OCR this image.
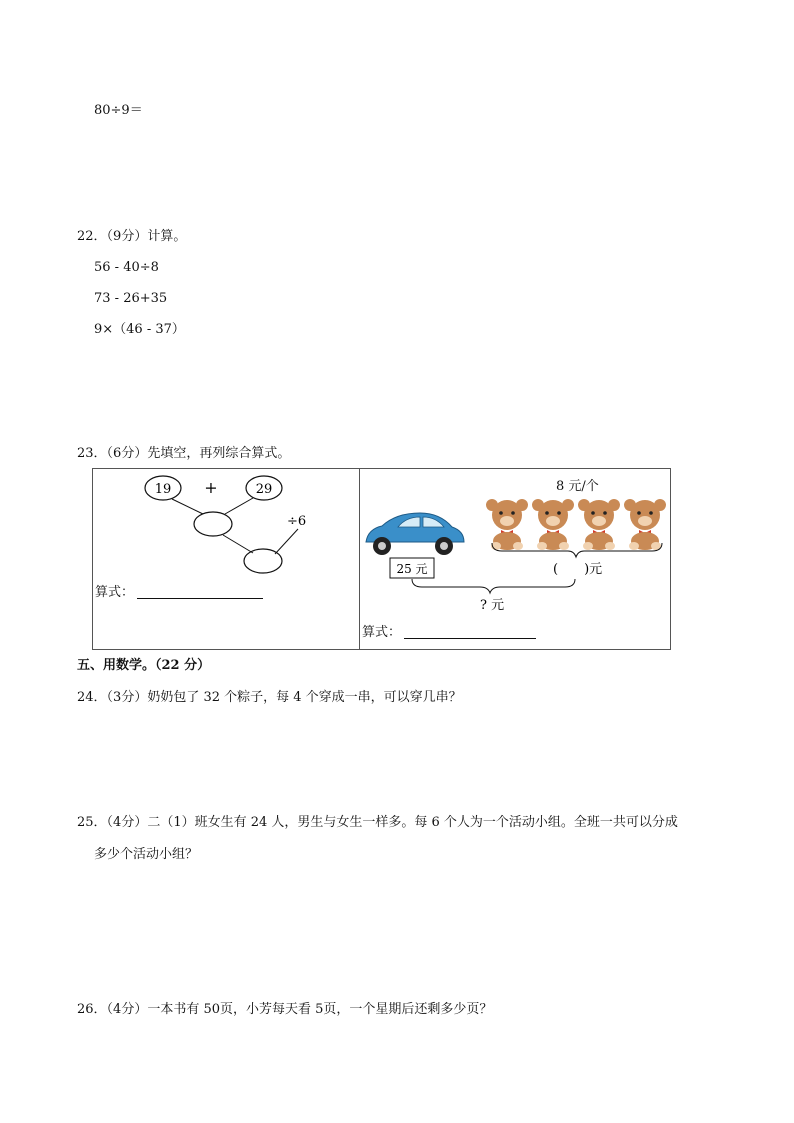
80÷9＝
22．（9分）计算。
56 - 40÷8
73 - 26+35
9×（46 - 37）
23．（6分）先填空，再列综合算式。
19 +	29
÷6
算式：
8 元/个
25 元	(　　)元
? 元
算式：
五、用数学。（22 分）
24．（3分）奶奶包了 32 个粽子，每 4 个穿成一串，可以穿几串？
25．（4分）二（1）班女生有 24 人，男生与女生一样多。每 6 个人为一个活动小组。全班一共可以分成
多少个活动小组？
26．（4分）一本书有 50页，小芳每天看 5页，一个星期后还剩多少页？
